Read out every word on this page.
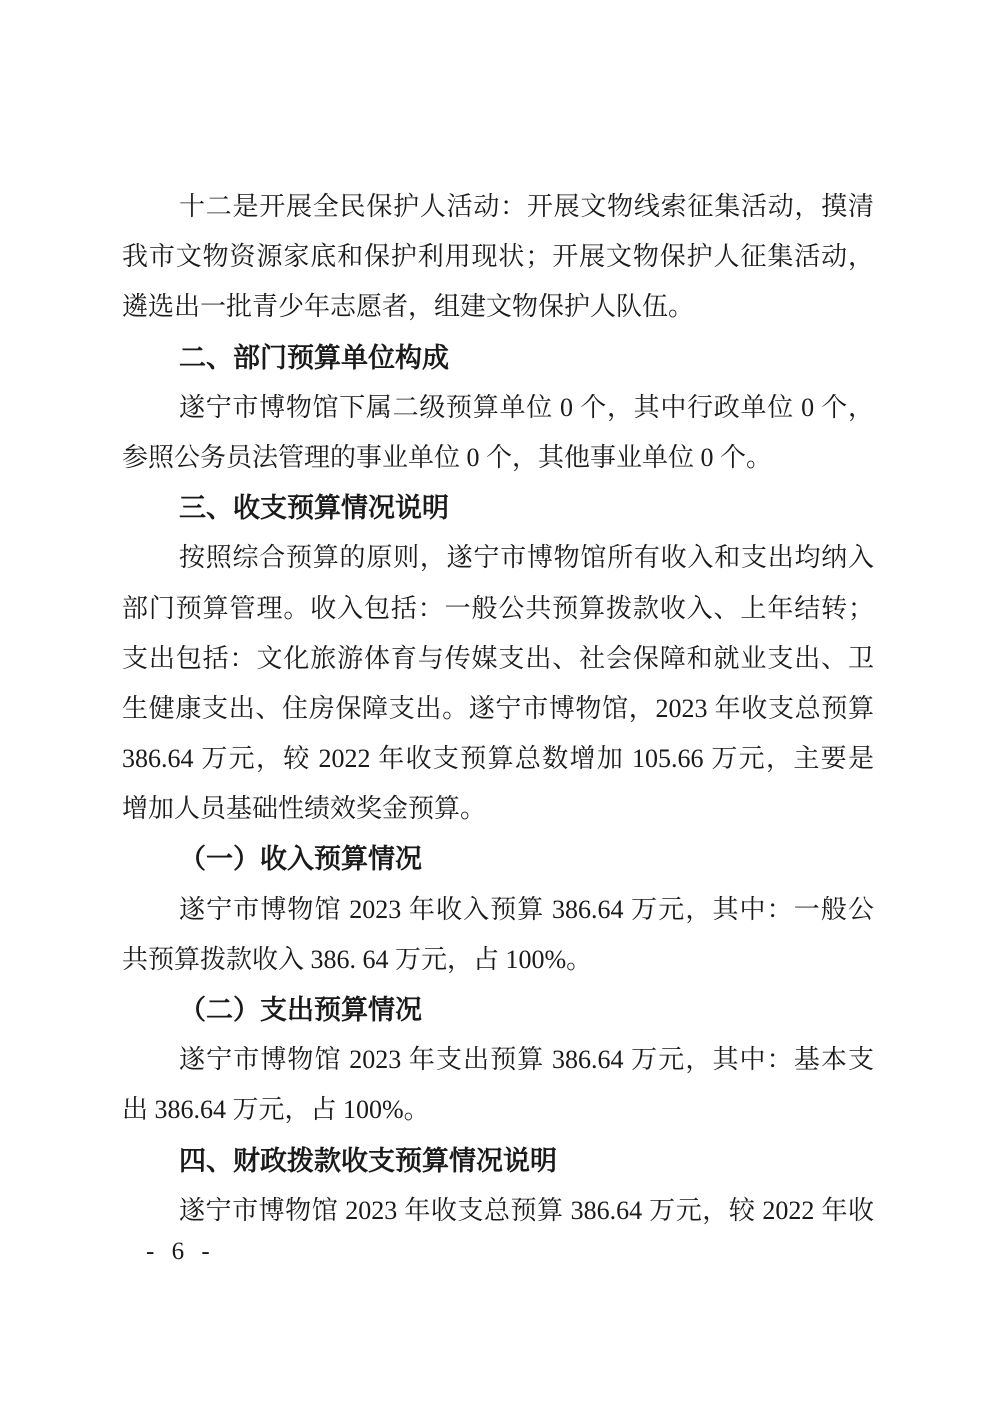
十二是开展全民保护人活动：开展文物线索征集活动，摸清
我市文物资源家底和保护利用现状；开展文物保护人征集活动，
遴选出一批青少年志愿者，组建文物保护人队伍。
二、部门预算单位构成
遂宁市博物馆下属二级预算单位 0 个，其中行政单位 0 个，
参照公务员法管理的事业单位 0 个，其他事业单位 0 个。
三、收支预算情况说明
按照综合预算的原则，遂宁市博物馆所有收入和支出均纳入
部门预算管理。收入包括：一般公共预算拨款收入、上年结转；
支出包括：文化旅游体育与传媒支出、社会保障和就业支出、卫
生健康支出、住房保障支出。遂宁市博物馆，2023 年收支总预算
386.64 万元，较 2022 年收支预算总数增加 105.66 万元，主要是
增加人员基础性绩效奖金预算。
（一）收入预算情况
遂宁市博物馆 2023 年收入预算 386.64 万元，其中：一般公
共预算拨款收入 386. 64 万元，占 100%。
（二）支出预算情况
遂宁市博物馆 2023 年支出预算 386.64 万元，其中：基本支
出 386.64 万元，占 100%。
四、财政拨款收支预算情况说明
遂宁市博物馆 2023 年收支总预算 386.64 万元，较 2022 年收
- 6 -
